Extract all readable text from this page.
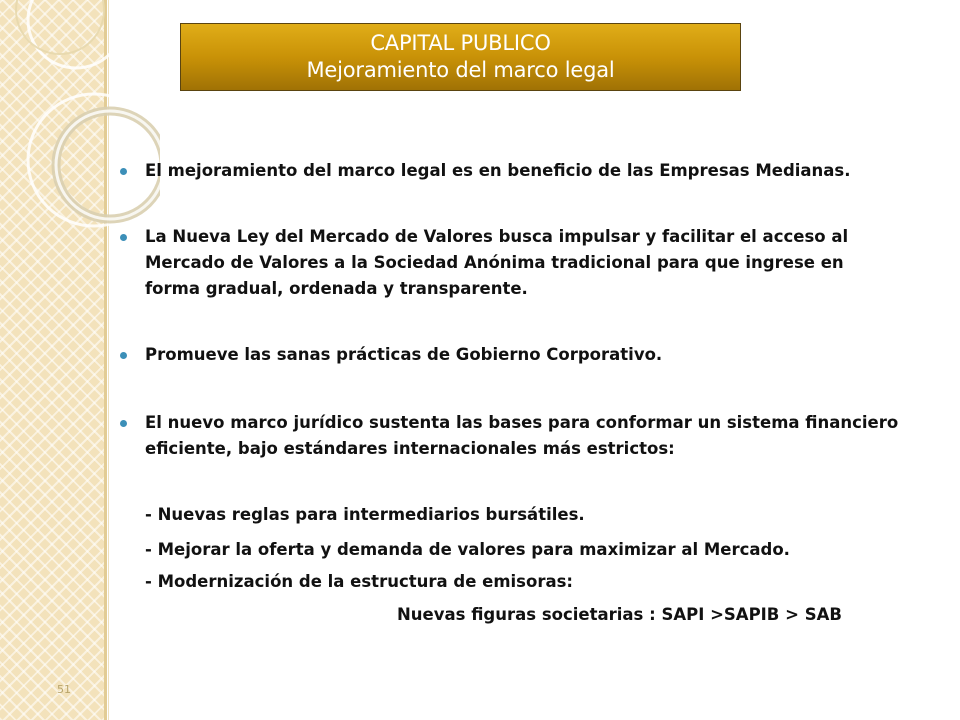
CAPITAL PUBLICO
Mejoramiento del marco legal
El mejoramiento del marco legal es en beneficio de las Empresas Medianas.
La Nueva Ley del Mercado de Valores busca impulsar y facilitar el acceso al
Mercado de Valores a la Sociedad Anónima tradicional para que ingrese en
forma gradual, ordenada y transparente.
Promueve las sanas prácticas de Gobierno Corporativo.
El nuevo marco jurídico sustenta las bases para conformar un sistema financiero
eficiente, bajo estándares internacionales más estrictos:
- Nuevas reglas para intermediarios bursátiles.
- Mejorar la oferta y demanda de valores para maximizar al Mercado.
- Modernización de la estructura de emisoras:
Nuevas figuras societarias : SAPI >SAPIB > SAB
51
